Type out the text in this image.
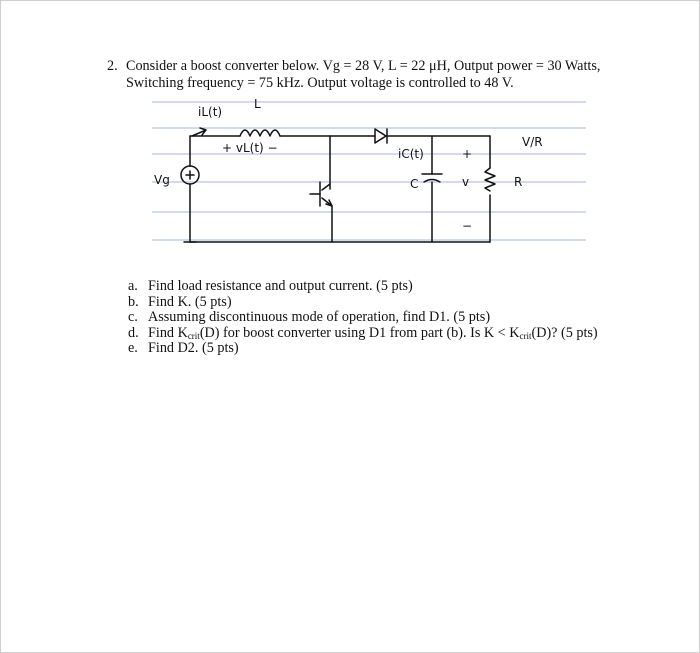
2. Consider a boost converter below. Vg = 28 V, L = 22 μH, Output power = 30 Watts,
Switching frequency = 75 kHz. Output voltage is controlled to 48 V.
iL(t)
L
+ vL(t) −
Vg
iC(t)
C
+
v
−
V/R
R
a. Find load resistance and output current. (5 pts)
b. Find K. (5 pts)
c. Assuming discontinuous mode of operation, find D1. (5 pts)
d. Find $K_{crit}(D)$ for boost converter using D1 from part (b). Is $K < K_{crit}(D)$? (5 pts)
e. Find D2. (5 pts)
